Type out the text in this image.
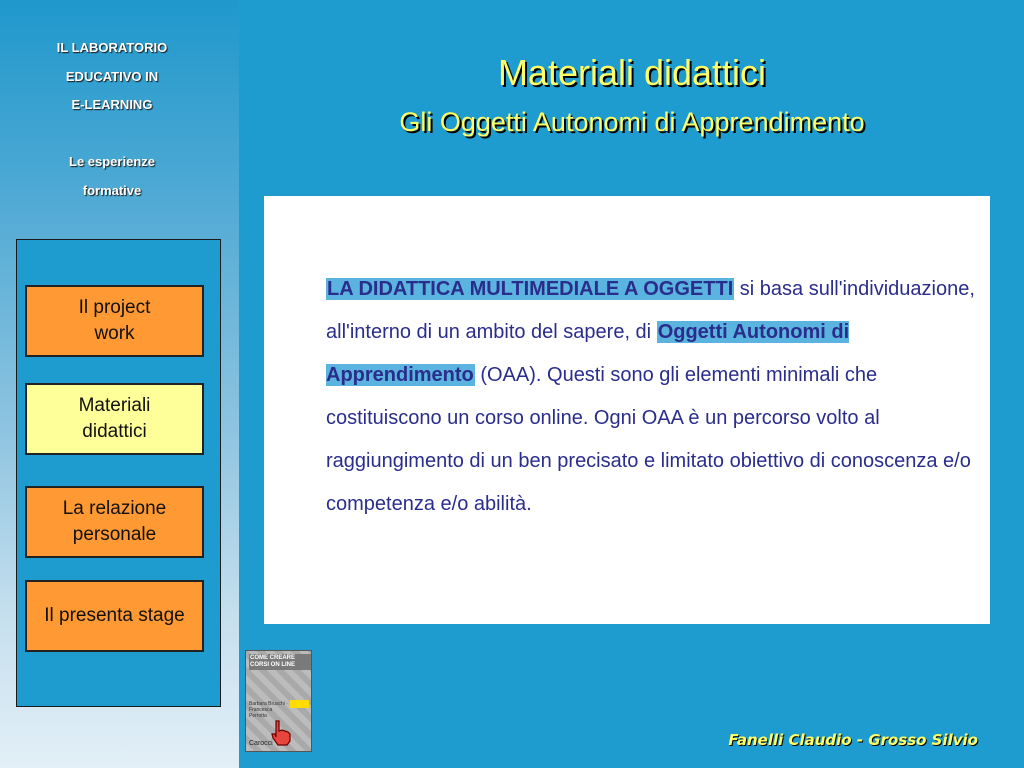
IL LABORATORIO
EDUCATIVO IN
E-LEARNING
Le esperienze
formative
Il project
work
Materiali
didattici
La relazione
personale
Il presenta stage
Materiali didattici
Gli Oggetti Autonomi di Apprendimento

LA DIDATTICA MULTIMEDIALE A OGGETTI si basa sull'individuazione, all'interno di un ambito del sapere, di Oggetti Autonomi di Apprendimento (OAA). Questi sono gli elementi minimali che costituiscono un corso online. Ogni OAA è un percorso volto al raggiungimento di un ben precisato e limitato obiettivo di conoscenza e/o competenza e/o abilità.

COME CREARE CORSI ON LINE
Barbara Bruschi · Francesca Perrotta
Carocci	Fanelli Claudio - Grosso Silvio
